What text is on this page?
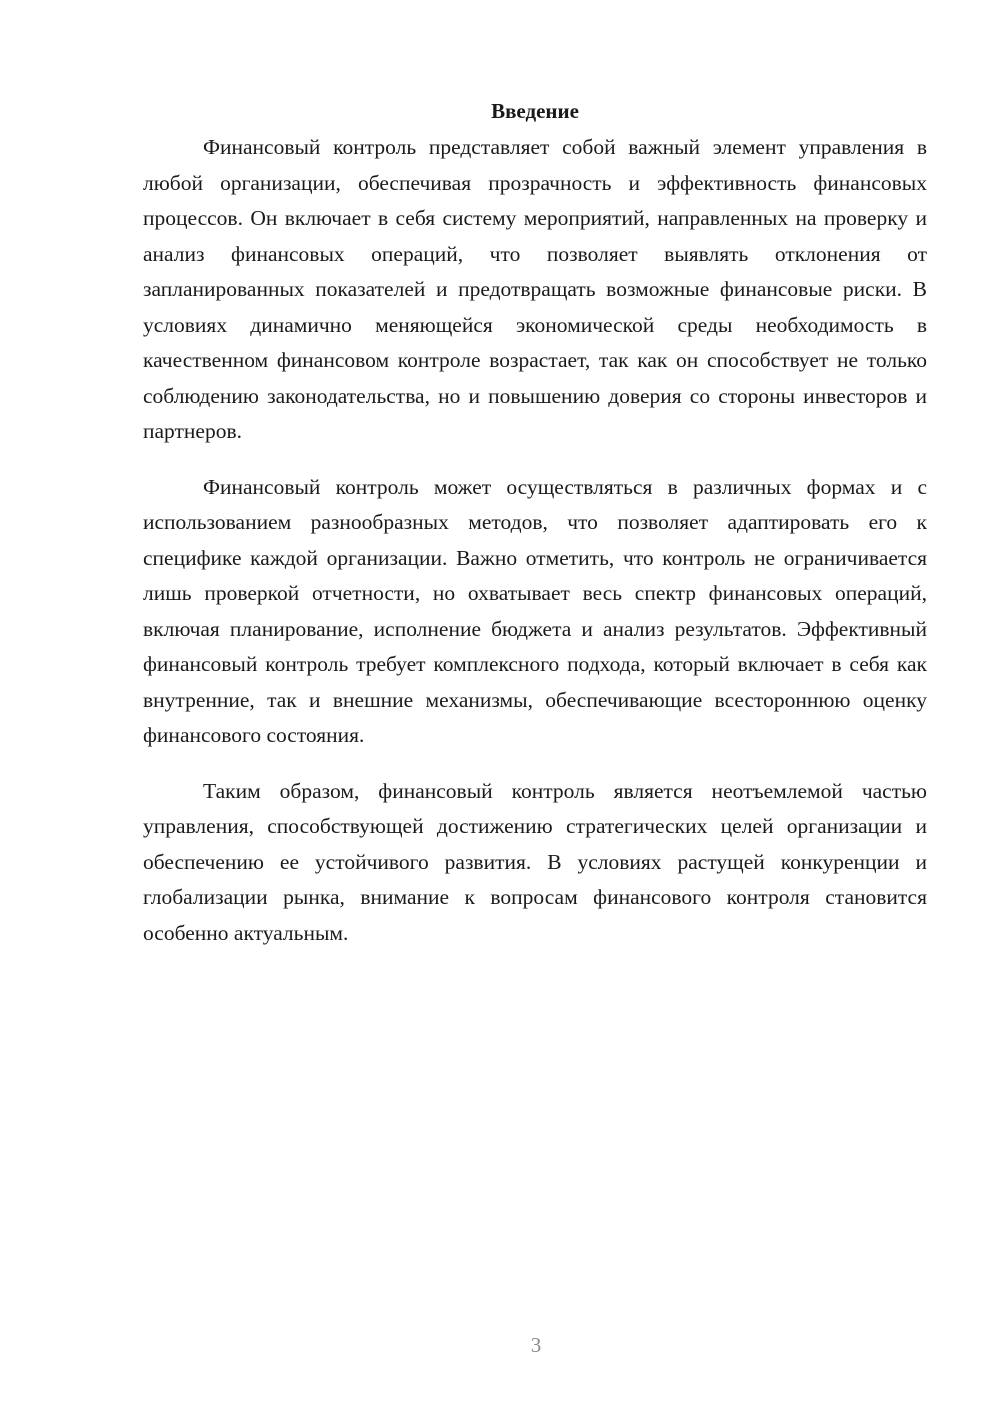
Введение

Финансовый контроль представляет собой важный элемент управления в любой организации, обеспечивая прозрачность и эффективность финансовых процессов. Он включает в себя систему мероприятий, направленных на проверку и анализ финансовых операций, что позволяет выявлять отклонения от запланированных показателей и предотвращать возможные финансовые риски. В условиях динамично меняющейся экономической среды необходимость в качественном финансовом контроле возрастает, так как он способствует не только соблюдению законодательства, но и повышению доверия со стороны инвесторов и партнеров.

Финансовый контроль может осуществляться в различных формах и с использованием разнообразных методов, что позволяет адаптировать его к специфике каждой организации. Важно отметить, что контроль не ограничивается лишь проверкой отчетности, но охватывает весь спектр финансовых операций, включая планирование, исполнение бюджета и анализ результатов. Эффективный финансовый контроль требует комплексного подхода, который включает в себя как внутренние, так и внешние механизмы, обеспечивающие всестороннюю оценку финансового состояния.

Таким образом, финансовый контроль является неотъемлемой частью управления, способствующей достижению стратегических целей организации и обеспечению ее устойчивого развития. В условиях растущей конкуренции и глобализации рынка, внимание к вопросам финансового контроля становится особенно актуальным.

3
